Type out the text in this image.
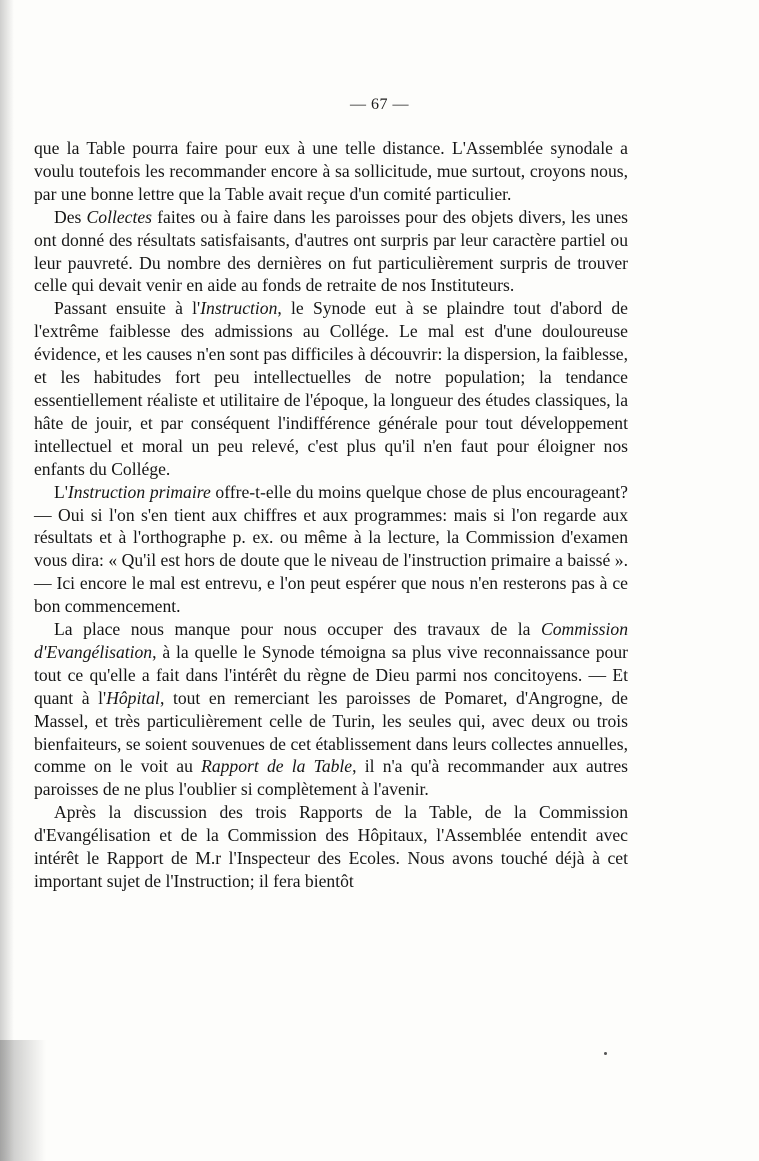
— 67 —

que la Table pourra faire pour eux à une telle distance. L'Assemblée synodale a voulu toutefois les recommander encore à sa sollicitude, mue surtout, croyons nous, par une bonne lettre que la Table avait reçue d'un comité particulier.

Des Collectes faites ou à faire dans les paroisses pour des objets divers, les unes ont donné des résultats satisfaisants, d'autres ont surpris par leur caractère partiel ou leur pauvreté. Du nombre des dernières on fut particulièrement surpris de trouver celle qui devait venir en aide au fonds de retraite de nos Instituteurs.

Passant ensuite à l'Instruction, le Synode eut à se plaindre tout d'abord de l'extrême faiblesse des admissions au Collége. Le mal est d'une douloureuse évidence, et les causes n'en sont pas difficiles à découvrir: la dispersion, la faiblesse, et les habitudes fort peu intellectuelles de notre population; la tendance essentiellement réaliste et utilitaire de l'époque, la longueur des études classiques, la hâte de jouir, et par conséquent l'indifférence générale pour tout développement intellectuel et moral un peu relevé, c'est plus qu'il n'en faut pour éloigner nos enfants du Collége.

L'Instruction primaire offre-t-elle du moins quelque chose de plus encourageant? — Oui si l'on s'en tient aux chiffres et aux programmes: mais si l'on regarde aux résultats et à l'orthographe p. ex. ou même à la lecture, la Commission d'examen vous dira: « Qu'il est hors de doute que le niveau de l'instruction primaire a baissé ». — Ici encore le mal est entrevu, e l'on peut espérer que nous n'en resterons pas à ce bon commencement.

La place nous manque pour nous occuper des travaux de la Commission d'Evangélisation, à la quelle le Synode témoigna sa plus vive reconnaissance pour tout ce qu'elle a fait dans l'intérêt du règne de Dieu parmi nos concitoyens. — Et quant à l'Hôpital, tout en remerciant les paroisses de Pomaret, d'Angrogne, de Massel, et très particulièrement celle de Turin, les seules qui, avec deux ou trois bienfaiteurs, se soient souvenues de cet établissement dans leurs collectes annuelles, comme on le voit au Rapport de la Table, il n'a qu'à recommander aux autres paroisses de ne plus l'oublier si complètement à l'avenir.

Après la discussion des trois Rapports de la Table, de la Commission d'Evangélisation et de la Commission des Hôpitaux, l'Assemblée entendit avec intérêt le Rapport de M.r l'Inspecteur des Ecoles. Nous avons touché déjà à cet important sujet de l'Instruction; il fera bientôt
